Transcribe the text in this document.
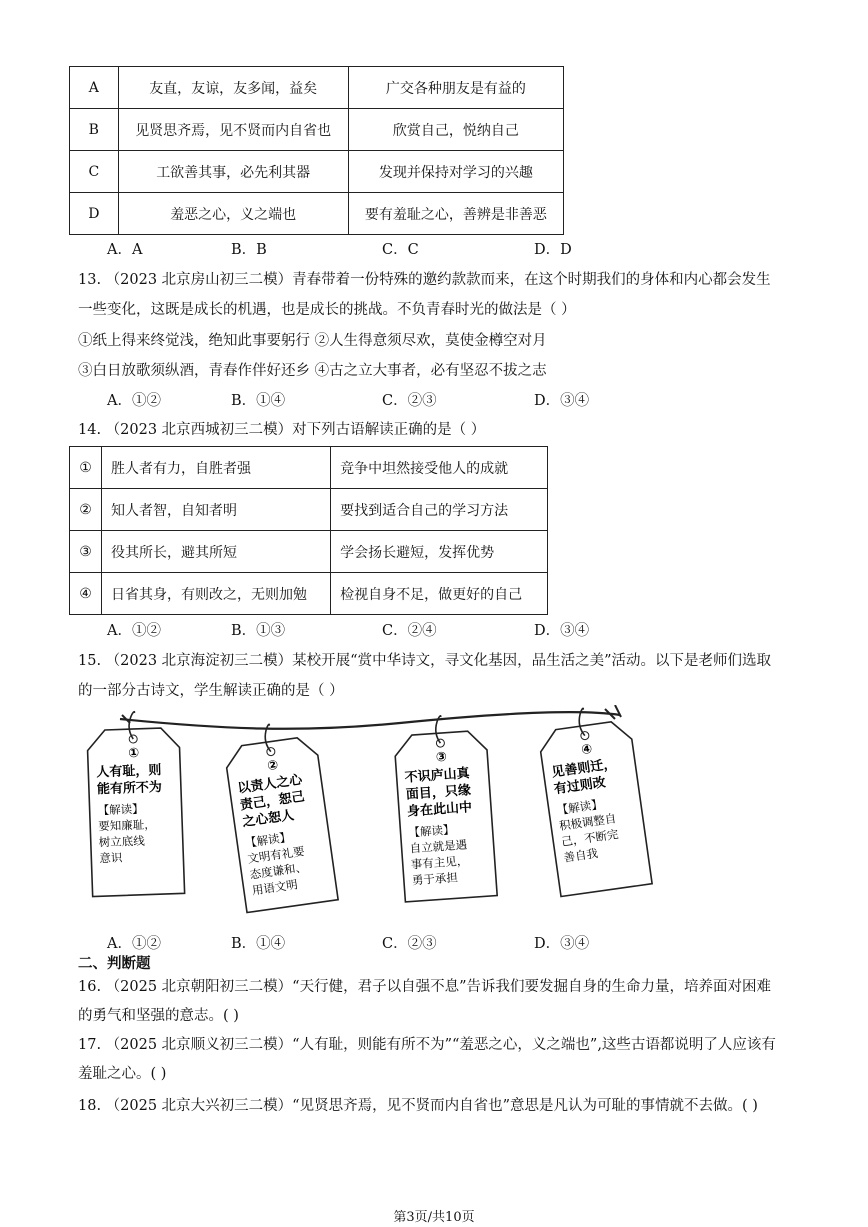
A	友直，友谅，友多闻，益矣	广交各种朋友是有益的
B	见贤思齐焉，见不贤而内自省也	欣赏自己，悦纳自己
C	工欲善其事，必先利其器	发现并保持对学习的兴趣
D	羞恶之心，义之端也	要有羞耻之心，善辨是非善恶
A．A	B．B	C．C	D．D
13. （2023 北京房山初三二模）青春带着一份特殊的邀约款款而来，在这个时期我们的身体和内心都会发生
一些变化，这既是成长的机遇，也是成长的挑战。不负青春时光的做法是（ ）
①纸上得来终觉浅，绝知此事要躬行 ②人生得意须尽欢，莫使金樽空对月
③白日放歌须纵酒，青春作伴好还乡 ④古之立大事者，必有坚忍不拔之志
A．①②	B．①④	C．②③	D．③④
14. （2023 北京西城初三二模）对下列古语解读正确的是（ ）
①	胜人者有力，自胜者强	竞争中坦然接受他人的成就
②	知人者智，自知者明	要找到适合自己的学习方法
③	役其所长，避其所短	学会扬长避短，发挥优势
④	日省其身，有则改之，无则加勉	检视自身不足，做更好的自己
A．①②	B．①③	C．②④	D．③④
15. （2023 北京海淀初三二模）某校开展“赏中华诗文，寻文化基因，品生活之美”活动。以下是老师们选取
的一部分古诗文，学生解读正确的是（ ）
①
人有耻，则
能有所不为
【解读】
要知廉耻，
树立底线
意识
②
以责人之心
责己，恕己
之心恕人
【解读】
文明有礼要
态度谦和、
用语文明
③
不识庐山真
面目，只缘
身在此山中
【解读】
自立就是遇
事有主见，
勇于承担
④
见善则迁，
有过则改
【解读】
积极调整自
己，不断完
善自我
A．①②	B．①④	C．②③	D．③④
二、判断题
16. （2025 北京朝阳初三二模）“天行健，君子以自强不息”告诉我们要发掘自身的生命力量，培养面对困难
的勇气和坚强的意志。( )
17. （2025 北京顺义初三二模）“人有耻，则能有所不为”“羞恶之心，义之端也”,这些古语都说明了人应该有
羞耻之心。( )
18. （2025 北京大兴初三二模）“见贤思齐焉，见不贤而内自省也”意思是凡认为可耻的事情就不去做。( )
第3页/共10页
